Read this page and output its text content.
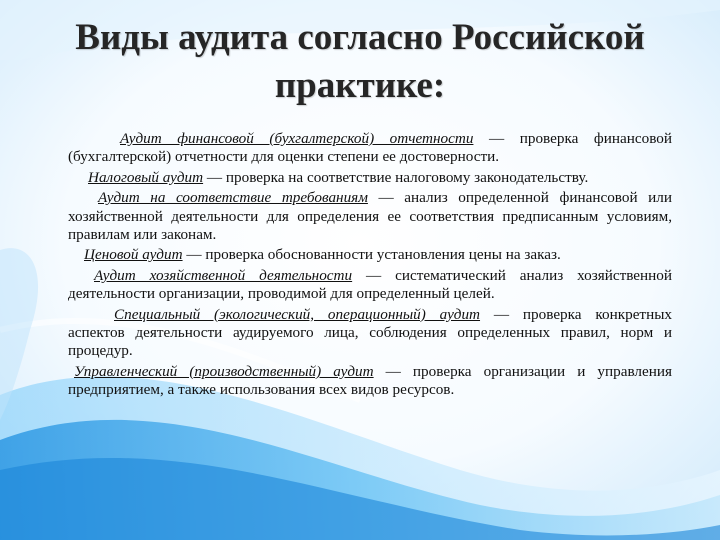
Виды аудита согласно Российской практике:

Аудит финансовой (бухгалтерской) отчетности — проверка финансовой (бухгалтерской) отчетности для оценки степени ее достоверности.

Налоговый аудит — проверка на соответствие налоговому законодательству.

Аудит на соответствие требованиям — анализ определенной финансовой или хозяйственной деятельности для определения ее соответствия предписанным условиям, правилам или законам.

Ценовой аудит — проверка обоснованности установления цены на заказ.

Аудит хозяйственной деятельности — систематический анализ хозяйственной деятельности организации, проводимой для определенный целей.

Специальный (экологический, операционный) аудит — проверка конкретных аспектов деятельности аудируемого лица, соблюдения определенных правил, норм и процедур.

Управленческий (производственный) аудит — проверка организации и управления предприятием, а также использования всех видов ресурсов.
